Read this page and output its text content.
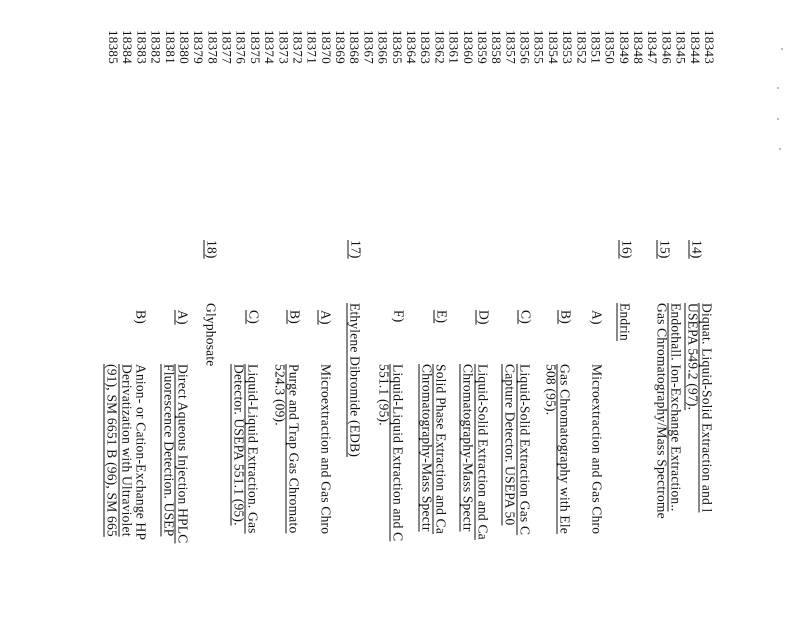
14)
15)
16)
17)
18)
A)
B)
C)
D)
E)
F)
A)
B)
C)
A)
B)	Diquat. Liquid-Solid Extraction and l
USEPA 549.2 (97).
Endothall. Ion-Exchange Extraction..
Gas Chromatography/Mass Spectrome
Endrin
Microextraction and Gas Chro
Gas Chromatography with Ele
508 (95).
Liquid-Solid Extraction Gas C
Capture Detector. USEPA 50
Liquid-Solid Extraction and Ca
Chromatography-Mass Spectr
Solid Phase Extraction and Ca
Chromatography-Mass Spectr
Liquid-Liquid Extraction and C
551.1 (95).
Ethylene Dibromide (EDB)
Microextraction and Gas Chro
Purge and Trap Gas Chromato
524.3 (09).
Liquid-Liquid Extraction. Gas
Detector. USEPA 551.1 (95).
Glyphosate
Direct Aqueous Injection HPLC
Fluorescence Detection. USEP
Anion- or Cation-Exchange HP
Derivatization with Ultraviolet
(91), SM 6651 B (96), SM 665
18343
18344
18345
18346
18347
18348
18349
18350
18351
18352
18353
18354
18355
18356
18357
18358
18359
18360
18361
18362
18363
18364
18365
18366
18367
18368
18369
18370
18371
18372
18373
18374
18375
18376
18377
18378
18379
18380
18381
18382
18383
18384
18385
